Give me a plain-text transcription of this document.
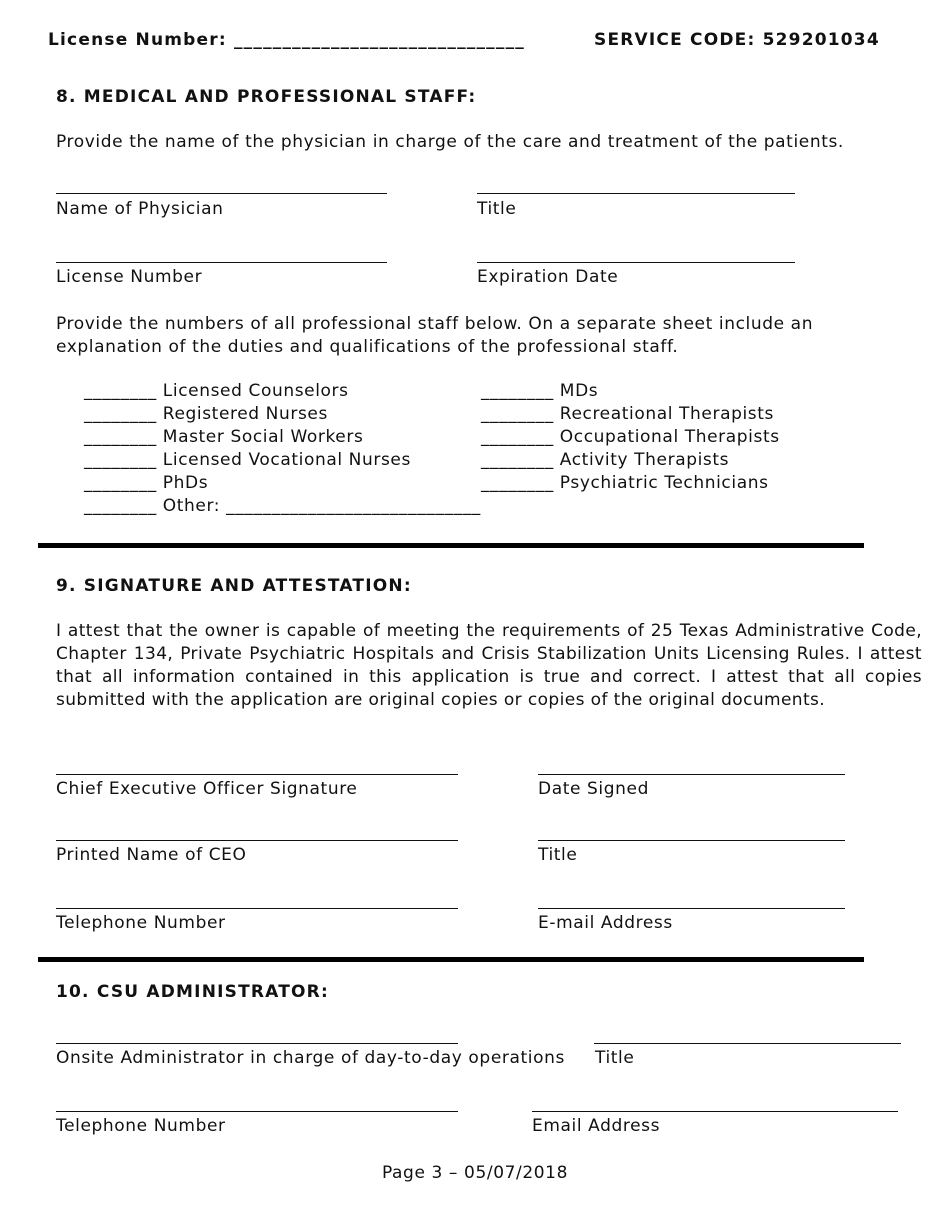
License Number: ______________________________	SERVICE CODE: 529201034
8. MEDICAL AND PROFESSIONAL STAFF:
Provide the name of the physician in charge of the care and treatment of the patients.
Name of Physician	Title
License Number	Expiration Date
Provide the numbers of all professional staff below. On a separate sheet include an explanation of the duties and qualifications of the professional staff.
________ Licensed Counselors
________ Registered Nurses
________ Master Social Workers
________ Licensed Vocational Nurses
________ PhDs
________ Other: ____________________________
________ MDs
________ Recreational Therapists
________ Occupational Therapists
________ Activity Therapists
________ Psychiatric Technicians
9. SIGNATURE AND ATTESTATION:
I attest that the owner is capable of meeting the requirements of 25 Texas Administrative Code, Chapter 134, Private Psychiatric Hospitals and Crisis Stabilization Units Licensing Rules. I attest that all information contained in this application is true and correct. I attest that all copies submitted with the application are original copies or copies of the original documents.
Chief Executive Officer Signature	Date Signed
Printed Name of CEO	Title
Telephone Number	E-mail Address
10. CSU ADMINISTRATOR:
Onsite Administrator in charge of day-to-day operations Title
Telephone Number	Email Address
Page 3 – 05/07/2018
